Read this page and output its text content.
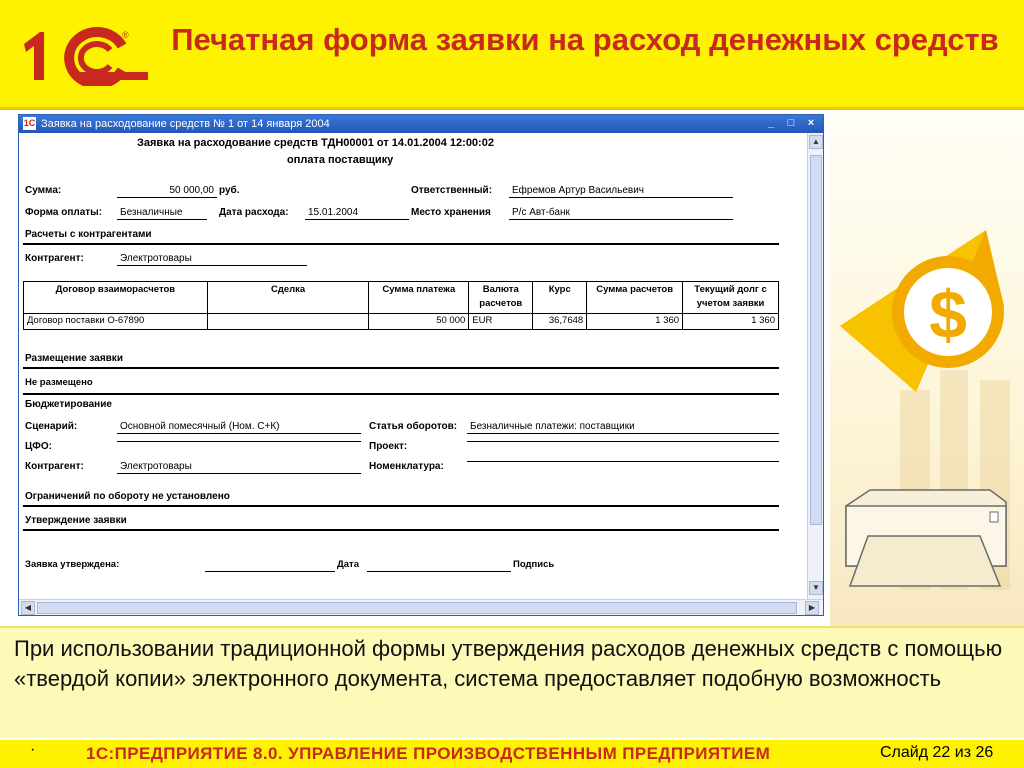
® Печатная форма заявки на расход денежных средств
$
1С Заявка на расходование средств № 1 от 14 января 2004	_	□	×
Заявка на расходование средств ТДН00001 от 14.01.2004 12:00:02
оплата поставщику
Сумма:	50 000,00 руб.	Ответственный:	Ефремов Артур Васильевич
Форма оплаты:	Безналичные	Дата расхода:	15.01.2004	Место хранения	Р/с Авт-банк
Расчеты с контрагентами
Контрагент:	Электротовары
Договор взаиморасчетов	Сделка	Сумма платежа	Валюта расчетов	Курс	Сумма расчетов	Текущий долг с учетом заявки
Договор поставки О-67890		50 000	EUR	36,7648	1 360	1 360
Размещение заявки
Не размещено
Бюджетирование
Сценарий:	Основной помесячный (Ном. С+К)	Статья оборотов:	Безналичные платежи: поставщики
ЦФО:	Проект:
Контрагент:	Электротовары	Номенклатура:
Ограничений по обороту не установлено
Утверждение заявки
Заявка утверждена:	Дата	Подпись
▲
▼
◀	▶
При использовании традиционной формы утверждения расходов денежных средств с помощью «твердой копии» электронного документа, система предоставляет подобную возможность
·	1С:ПРЕДПРИЯТИЕ 8.0. УПРАВЛЕНИЕ ПРОИЗВОДСТВЕННЫМ ПРЕДПРИЯТИЕМ	Слайд 22 из 26
